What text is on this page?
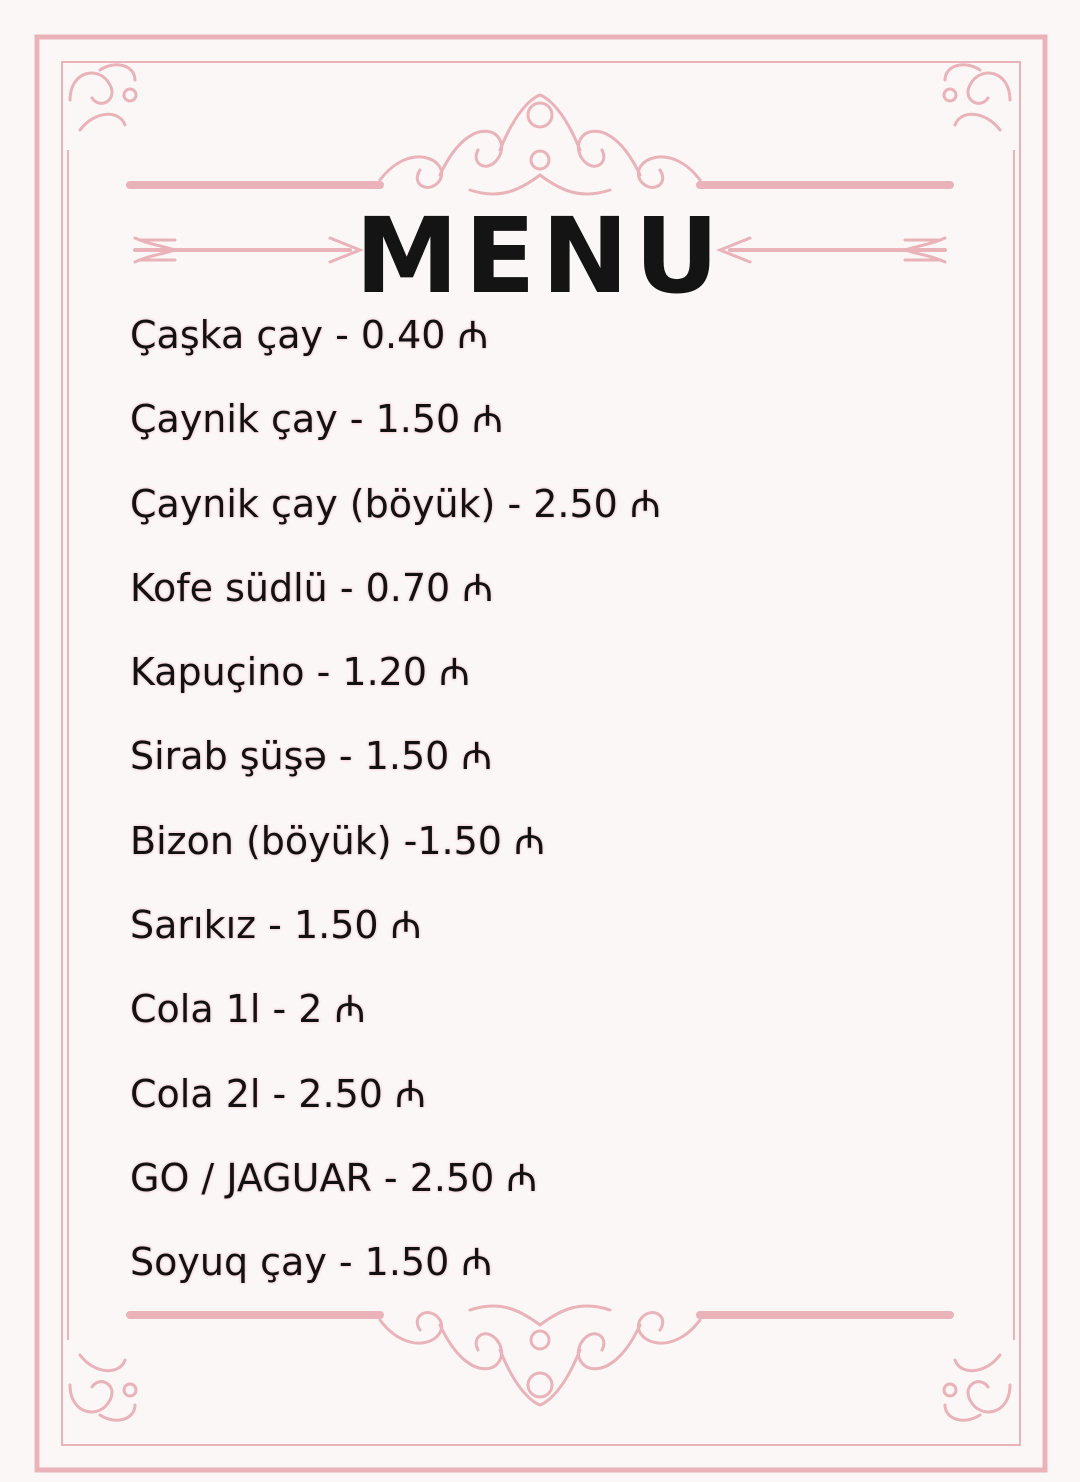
MENU
Çaşka çay - 0.40 ₼
Çaynik çay - 1.50 ₼
Çaynik çay (böyük) - 2.50 ₼
Kofe südlü - 0.70 ₼
Kapuçino - 1.20 ₼
Sirab şüşə - 1.50 ₼
Bizon (böyük) -1.50 ₼
Sarıkız - 1.50 ₼
Cola 1l - 2 ₼
Cola 2l - 2.50 ₼
GO / JAGUAR - 2.50 ₼
Soyuq çay - 1.50 ₼
